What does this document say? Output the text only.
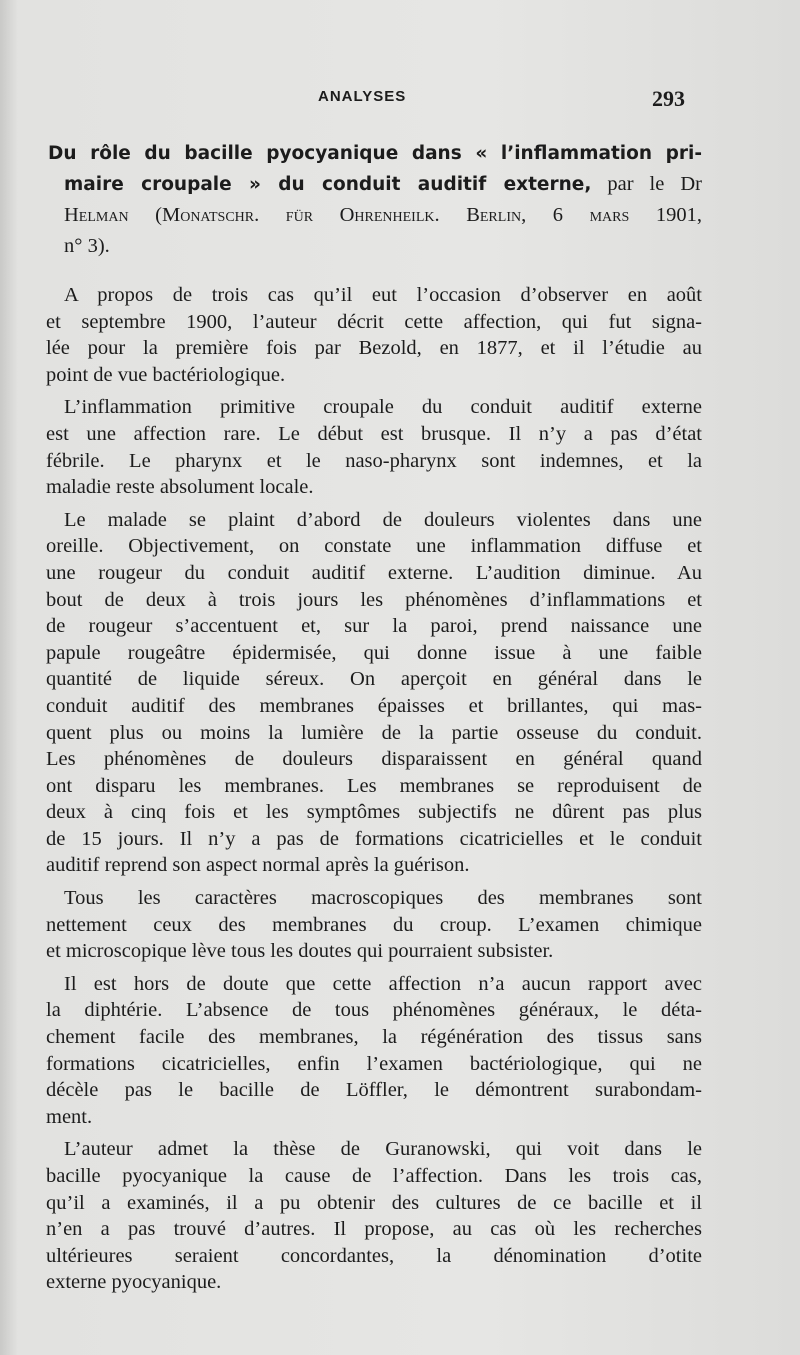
ANALYSES	293
Du rôle du bacille pyocyanique dans « l’inflammation pri-
maire croupale » du conduit auditif externe, par le Dr
Helman (Monatschr. für Ohrenheilk. Berlin, 6 mars 1901,
n° 3).
A propos de trois cas qu’il eut l’occasion d’observer en août
et septembre 1900, l’auteur décrit cette affection, qui fut signa-
lée pour la première fois par Bezold, en 1877, et il l’étudie au
point de vue bactériologique.
L’inflammation primitive croupale du conduit auditif externe
est une affection rare. Le début est brusque. Il n’y a pas d’état
fébrile. Le pharynx et le naso-pharynx sont indemnes, et la
maladie reste absolument locale.
Le malade se plaint d’abord de douleurs violentes dans une
oreille. Objectivement, on constate une inflammation diffuse et
une rougeur du conduit auditif externe. L’audition diminue. Au
bout de deux à trois jours les phénomènes d’inflammations et
de rougeur s’accentuent et, sur la paroi, prend naissance une
papule rougeâtre épidermisée, qui donne issue à une faible
quantité de liquide séreux. On aperçoit en général dans le
conduit auditif des membranes épaisses et brillantes, qui mas-
quent plus ou moins la lumière de la partie osseuse du conduit.
Les phénomènes de douleurs disparaissent en général quand
ont disparu les membranes. Les membranes se reproduisent de
deux à cinq fois et les symptômes subjectifs ne dûrent pas plus
de 15 jours. Il n’y a pas de formations cicatricielles et le conduit
auditif reprend son aspect normal après la guérison.
Tous les caractères macroscopiques des membranes sont
nettement ceux des membranes du croup. L’examen chimique
et microscopique lève tous les doutes qui pourraient subsister.
Il est hors de doute que cette affection n’a aucun rapport avec
la diphtérie. L’absence de tous phénomènes généraux, le déta-
chement facile des membranes, la régénération des tissus sans
formations cicatricielles, enfin l’examen bactériologique, qui ne
décèle pas le bacille de Löffler, le démontrent surabondam-
ment.
L’auteur admet la thèse de Guranowski, qui voit dans le
bacille pyocyanique la cause de l’affection. Dans les trois cas,
qu’il a examinés, il a pu obtenir des cultures de ce bacille et il
n’en a pas trouvé d’autres. Il propose, au cas où les recherches
ultérieures seraient concordantes, la dénomination d’otite
externe pyocyanique.
